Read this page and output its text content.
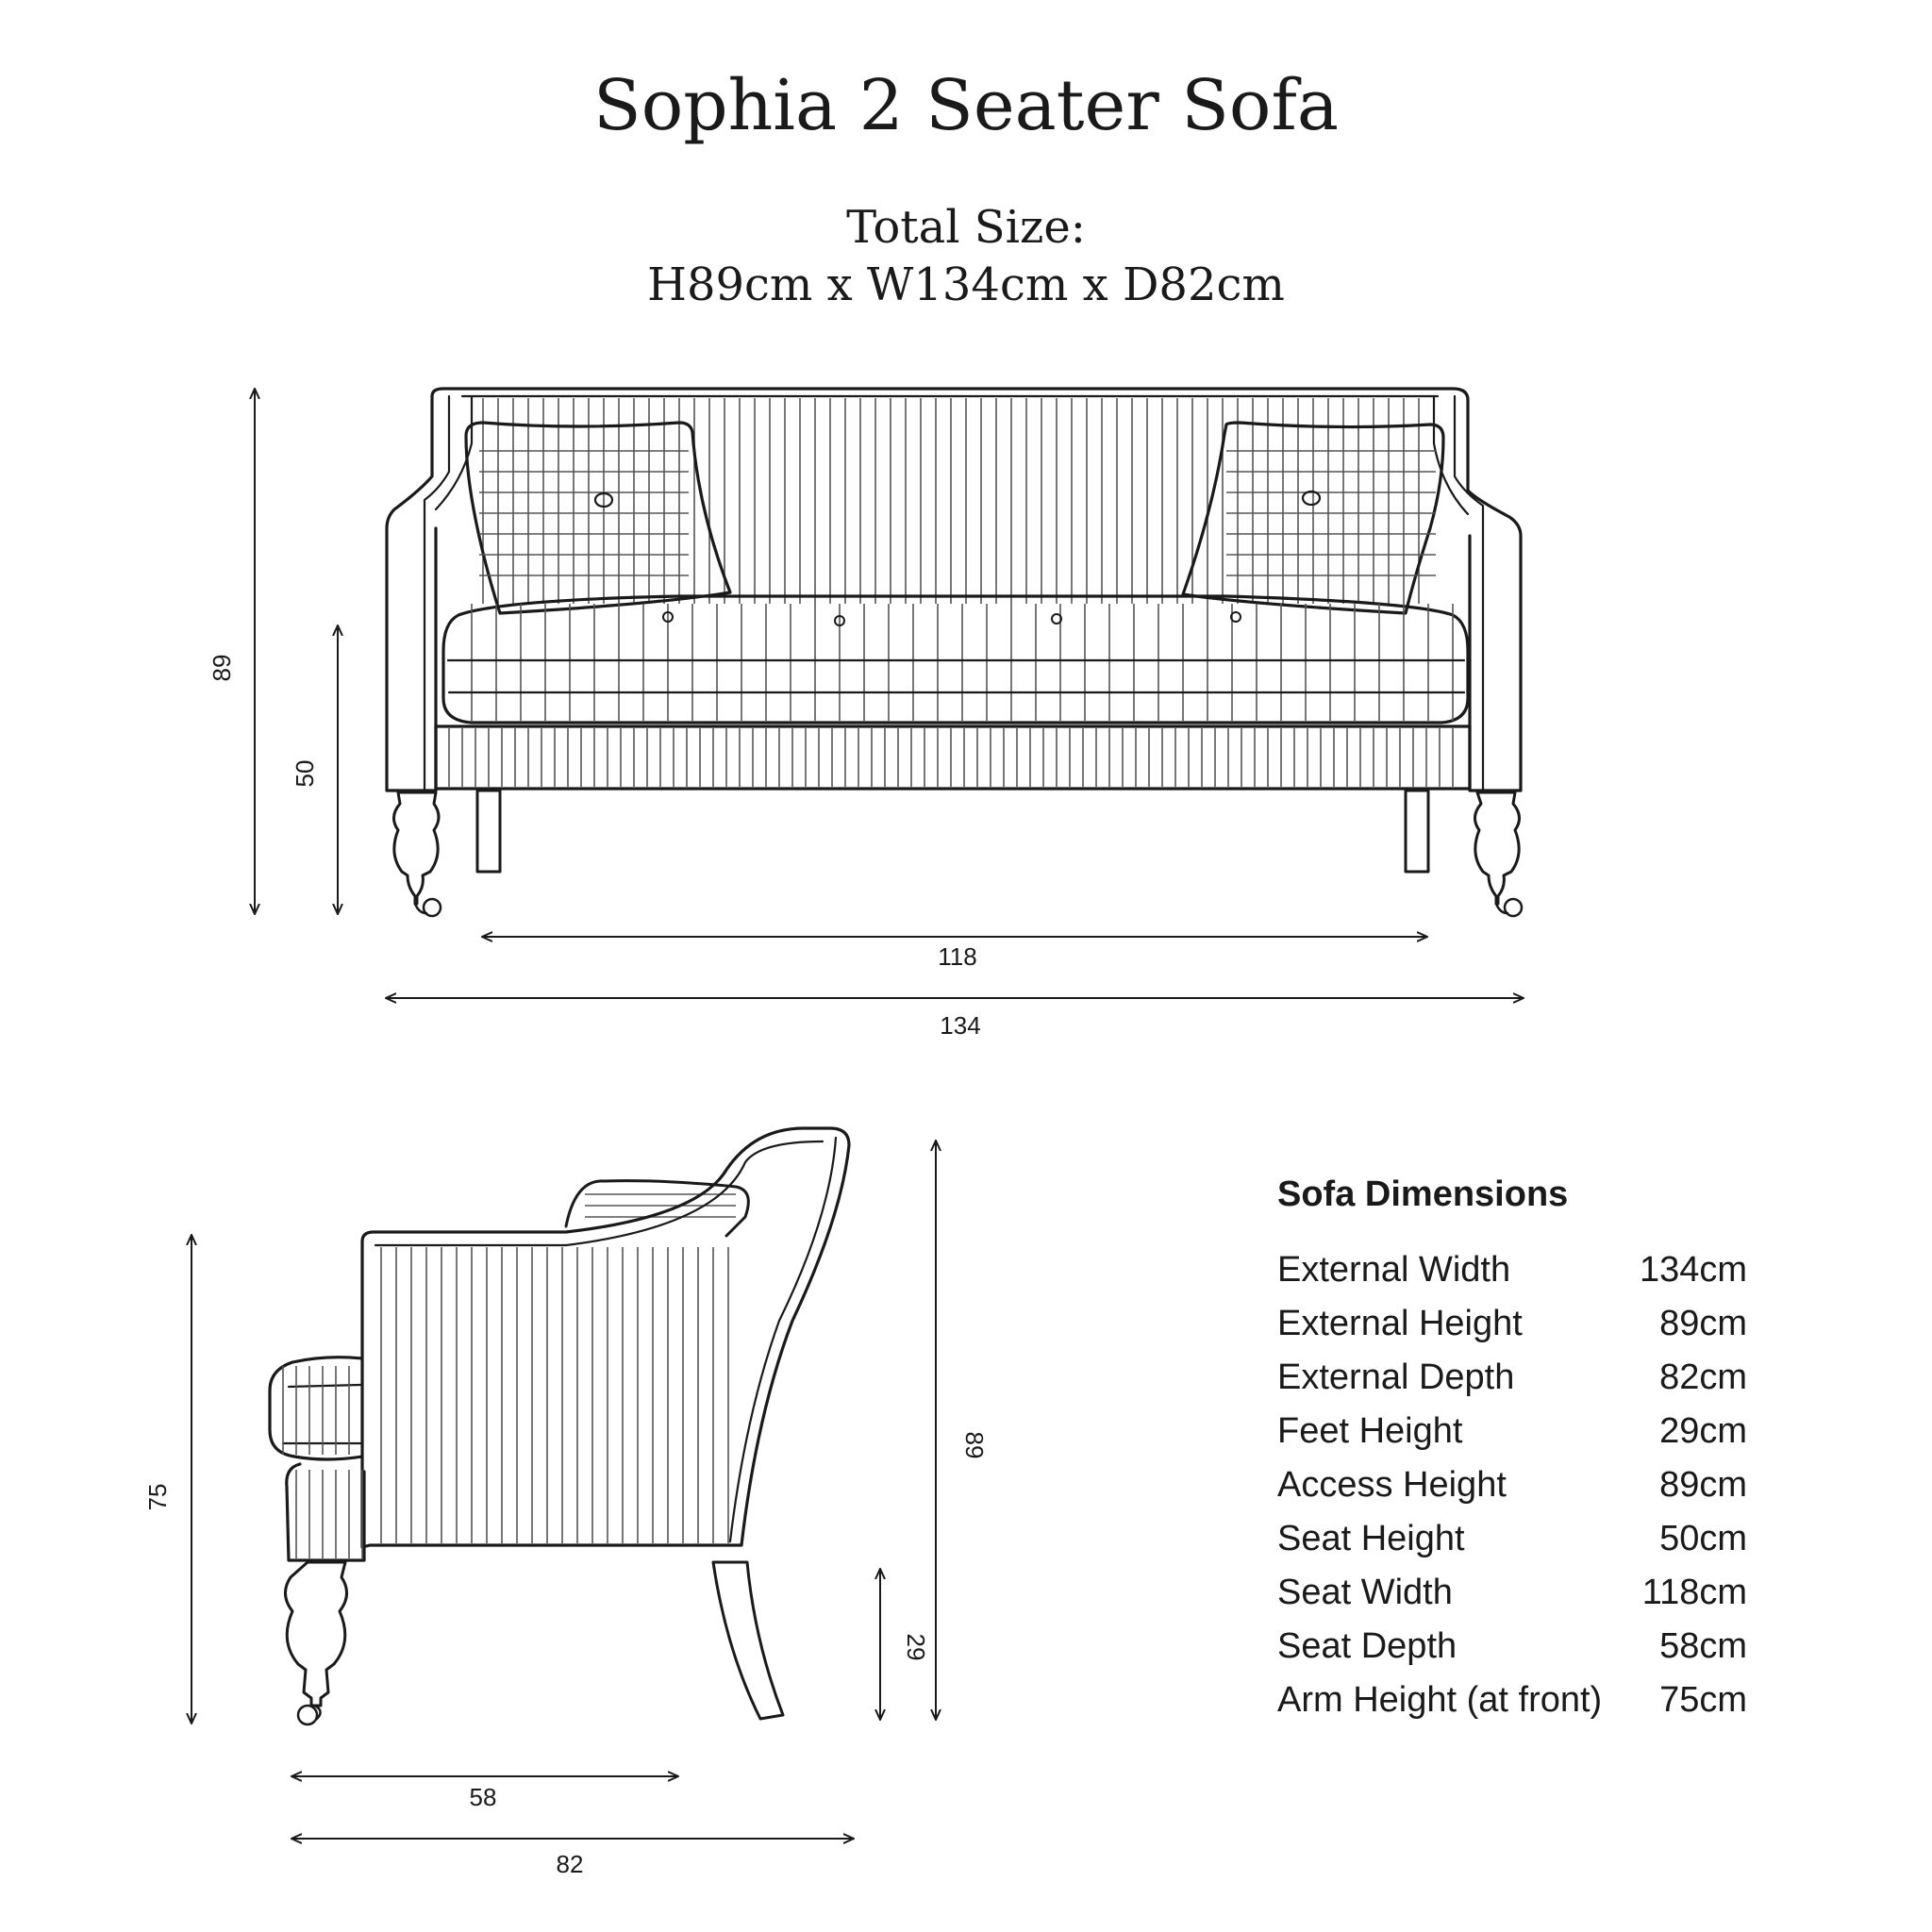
Sophia 2 Seater Sofa
Total Size:
H89cm x W134cm x D82cm
89
50
118
134
75
89
29
58
82
Sofa Dimensions
External Width	134cm
External Height	89cm
External Depth	82cm
Feet Height	29cm
Access Height	89cm
Seat Height	50cm
Seat Width	118cm
Seat Depth	58cm
Arm Height (at front) 75cm
